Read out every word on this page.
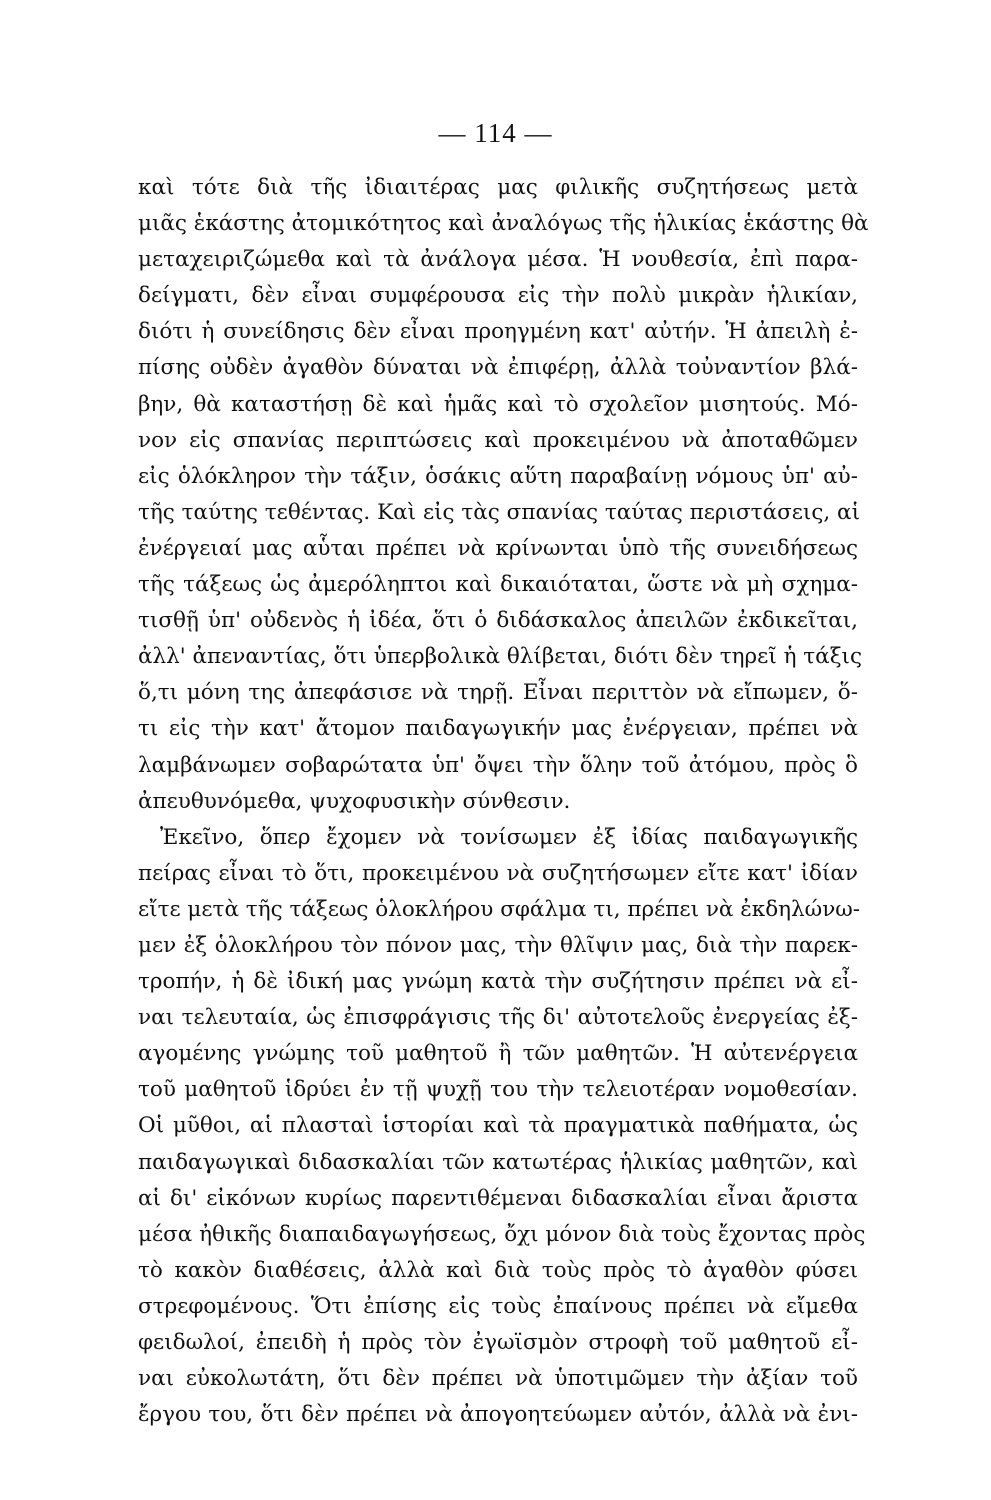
— 114 —
καὶ τότε διὰ τῆς ἰδιαιτέρας μας φιλικῆς συζητήσεως μετὰ
μιᾶς ἑκάστης ἀτομικότητος καὶ ἀναλόγως τῆς ἡλικίας ἑκάστης θὰ
μεταχειριζώμεθα καὶ τὰ ἀνάλογα μέσα. Ἡ νουθεσία, ἐπὶ παρα-
δείγματι, δὲν εἶναι συμφέρουσα εἰς τὴν πολὺ μικρὰν ἡλικίαν,
διότι ἡ συνείδησις δὲν εἶναι προηγμένη κατ' αὐτήν. Ἡ ἀπειλὴ ἐ-
πίσης οὐδὲν ἀγαθὸν δύναται νὰ ἐπιφέρῃ, ἀλλὰ τοὐναντίον βλά-
βην, θὰ καταστήσῃ δὲ καὶ ἡμᾶς καὶ τὸ σχολεῖον μισητούς. Μό-
νον εἰς σπανίας περιπτώσεις καὶ προκειμένου νὰ ἀποταθῶμεν
εἰς ὁλόκληρον τὴν τάξιν, ὁσάκις αὕτη παραβαίνῃ νόμους ὑπ' αὐ-
τῆς ταύτης τεθέντας. Καὶ εἰς τὰς σπανίας ταύτας περιστάσεις, αἱ
ἐνέργειαί μας αὗται πρέπει νὰ κρίνωνται ὑπὸ τῆς συνειδήσεως
τῆς τάξεως ὡς ἀμερόληπτοι καὶ δικαιόταται, ὥστε νὰ μὴ σχημα-
τισθῇ ὑπ' οὐδενὸς ἡ ἰδέα, ὅτι ὁ διδάσκαλος ἀπειλῶν ἐκδικεῖται,
ἀλλ' ἀπεναντίας, ὅτι ὑπερβολικὰ θλίβεται, διότι δὲν τηρεῖ ἡ τάξις
ὅ,τι μόνη της ἀπεφάσισε νὰ τηρῇ. Εἶναι περιττὸν νὰ εἴπωμεν, ὅ-
τι εἰς τὴν κατ' ἄτομον παιδαγωγικήν μας ἐνέργειαν, πρέπει νὰ
λαμβάνωμεν σοβαρώτατα ὑπ' ὄψει τὴν ὅλην τοῦ ἀτόμου, πρὸς ὃ
ἀπευθυνόμεθα, ψυχοφυσικὴν σύνθεσιν.
Ἐκεῖνο, ὅπερ ἔχομεν νὰ τονίσωμεν ἐξ ἰδίας παιδαγωγικῆς
πείρας εἶναι τὸ ὅτι, προκειμένου νὰ συζητήσωμεν εἴτε κατ' ἰδίαν
εἴτε μετὰ τῆς τάξεως ὁλοκλήρου σφάλμα τι, πρέπει νὰ ἐκδηλώνω-
μεν ἐξ ὁλοκλήρου τὸν πόνον μας, τὴν θλῖψιν μας, διὰ τὴν παρεκ-
τροπήν, ἡ δὲ ἰδική μας γνώμη κατὰ τὴν συζήτησιν πρέπει νὰ εἶ-
ναι τελευταία, ὡς ἐπισφράγισις τῆς δι' αὐτοτελοῦς ἐνεργείας ἐξ-
αγομένης γνώμης τοῦ μαθητοῦ ἢ τῶν μαθητῶν. Ἡ αὐτενέργεια
τοῦ μαθητοῦ ἱδρύει ἐν τῇ ψυχῇ του τὴν τελειοτέραν νομοθεσίαν.
Οἱ μῦθοι, αἱ πλασταὶ ἱστορίαι καὶ τὰ πραγματικὰ παθήματα, ὡς
παιδαγωγικαὶ διδασκαλίαι τῶν κατωτέρας ἡλικίας μαθητῶν, καὶ
αἱ δι' εἰκόνων κυρίως παρεντιθέμεναι διδασκαλίαι εἶναι ἄριστα
μέσα ἠθικῆς διαπαιδαγωγήσεως, ὄχι μόνον διὰ τοὺς ἔχοντας πρὸς
τὸ κακὸν διαθέσεις, ἀλλὰ καὶ διὰ τοὺς πρὸς τὸ ἀγαθὸν φύσει
στρεφομένους. Ὅτι ἐπίσης εἰς τοὺς ἐπαίνους πρέπει νὰ εἴμεθα
φειδωλοί, ἐπειδὴ ἡ πρὸς τὸν ἐγωϊσμὸν στροφὴ τοῦ μαθητοῦ εἶ-
ναι εὐκολωτάτη, ὅτι δὲν πρέπει νὰ ὑποτιμῶμεν τὴν ἀξίαν τοῦ
ἔργου του, ὅτι δὲν πρέπει νὰ ἀπογοητεύωμεν αὐτόν, ἀλλὰ νὰ ἐνι-
